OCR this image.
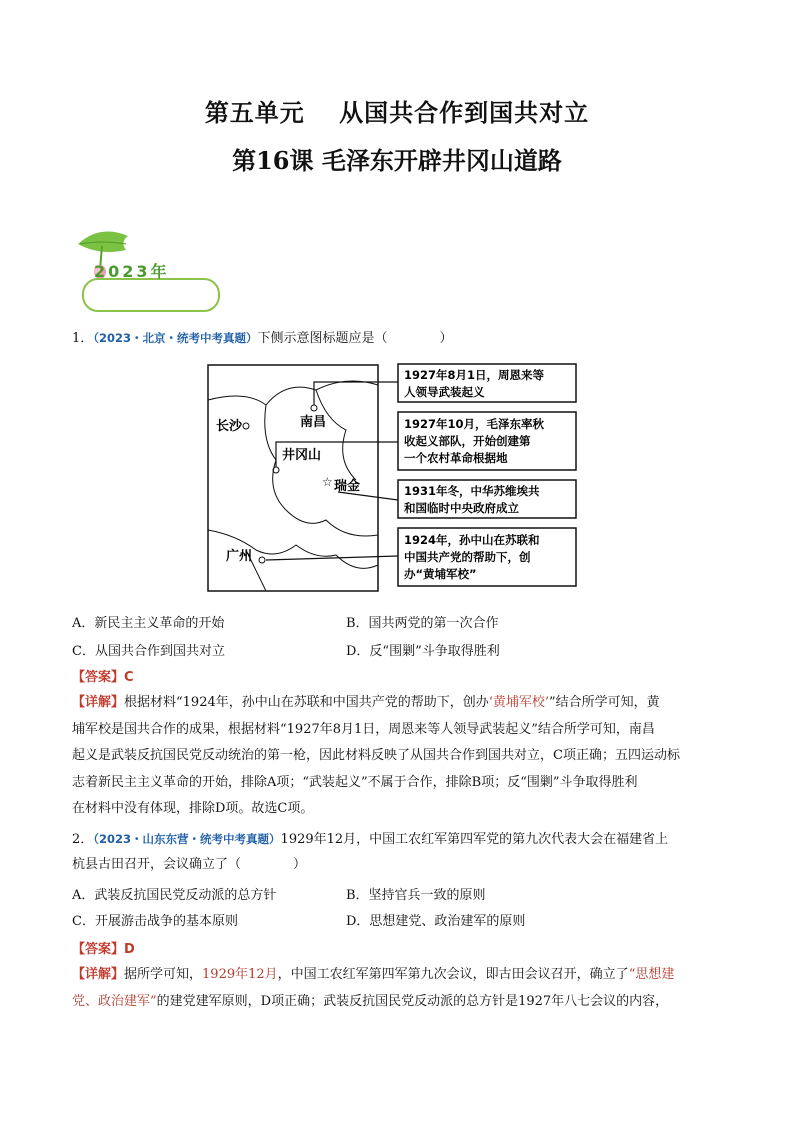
第五单元　 从国共合作到国共对立
第16课 毛泽东开辟井冈山道路
2023年
1．（2023・北京・统考中考真题）下侧示意图标题应是（　　　　）
☆
长沙	南昌
井冈山
瑞金
广州
1927年8月1日，周恩来等
人领导武装起义
1927年10月，毛泽东率秋
收起义部队，开始创建第
一个农村革命根据地
1931年冬，中华苏维埃共
和国临时中央政府成立
1924年，孙中山在苏联和
中国共产党的帮助下，创
办“黄埔军校”
A．新民主主义革命的开始	B．国共两党的第一次合作
C．从国共合作到国共对立	D．反“围剿”斗争取得胜利
【答案】C
【详解】根据材料“1924年，孙中山在苏联和中国共产党的帮助下，创办‘黄埔军校’”结合所学可知，黄
埔军校是国共合作的成果，根据材料“1927年8月1日，周恩来等人领导武装起义”结合所学可知，南昌
起义是武装反抗国民党反动统治的第一枪，因此材料反映了从国共合作到国共对立，C项正确；五四运动标
志着新民主主义革命的开始，排除A项；“武装起义”不属于合作，排除B项；反“围剿”斗争取得胜利
在材料中没有体现，排除D项。故选C项。
2．（2023・山东东营・统考中考真题）1929年12月，中国工农红军第四军党的第九次代表大会在福建省上
杭县古田召开，会议确立了（　　　　）
A．武装反抗国民党反动派的总方针	B．坚持官兵一致的原则
C．开展游击战争的基本原则	D．思想建党、政治建军的原则
【答案】D
【详解】据所学可知，1929年12月，中国工农红军第四军第九次会议，即古田会议召开，确立了“思想建
党、政治建军”的建党建军原则，D项正确；武装反抗国民党反动派的总方针是1927年八七会议的内容，
